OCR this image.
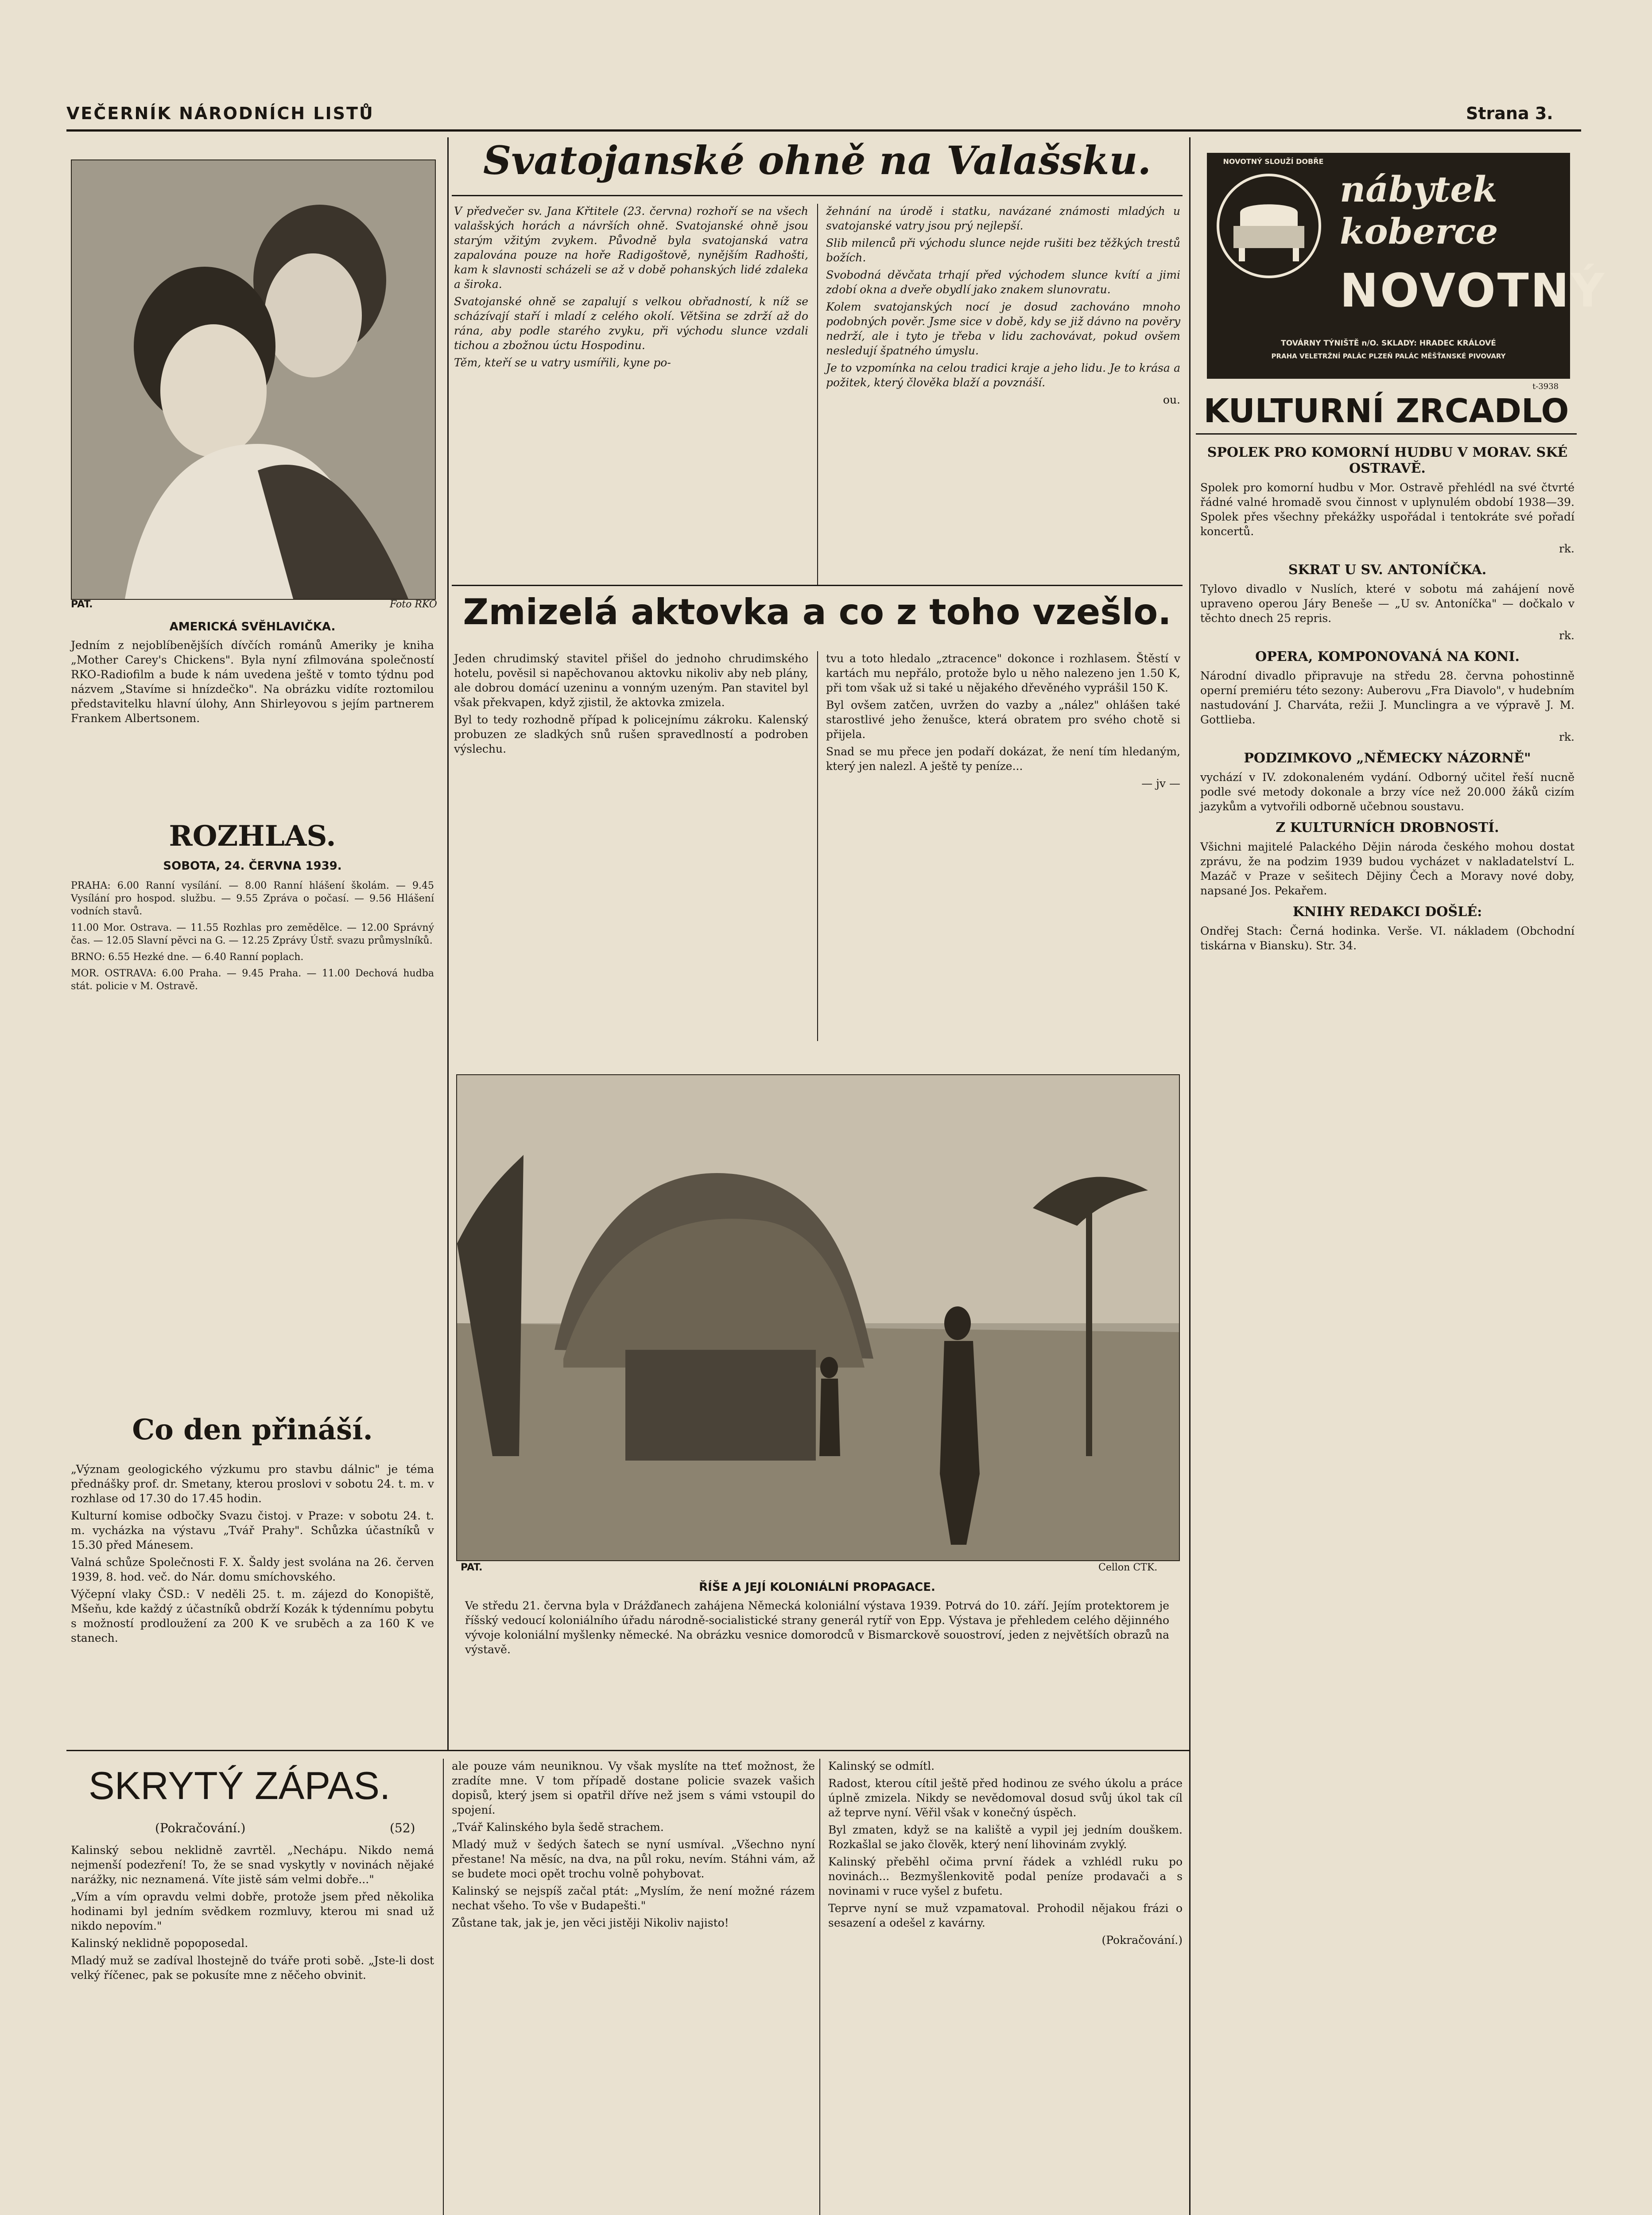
VEČERNÍK NÁRODNÍCH LISTŮ	Strana 3.
PAT.	Foto RKO
AMERICKÁ SVĚHLAVIČKA.
Jedním z nejoblíbenějších dívčích románů Ameriky je kniha „Mother Carey's Chickens". Byla nyní zfilmována společností RKO-Radiofilm a bude k nám uvedena ještě v tomto týdnu pod názvem „Stavíme si hnízdečko". Na obrázku vidíte roztomilou představitelku hlavní úlohy, Ann Shirleyovou s jejím partnerem Frankem Albertsonem.
ROZHLAS.
SOBOTA, 24. ČERVNA 1939.

PRAHA: 6.00 Ranní vysílání. — 8.00 Ranní hlášení školám. — 9.45 Vysílání pro hospod. službu. — 9.55 Zpráva o počasí. — 9.56 Hlášení vodních stavů.

11.00 Mor. Ostrava. — 11.55 Rozhlas pro zemědělce. — 12.00 Správný čas. — 12.05 Slavní pěvci na G. — 12.25 Zprávy Ústř. svazu průmyslníků.

BRNO: 6.55 Hezké dne. — 6.40 Ranní poplach.

MOR. OSTRAVA: 6.00 Praha. — 9.45 Praha. — 11.00 Dechová hudba stát. policie v M. Ostravě.

Co den přináší.

„Význam geologického výzkumu pro stavbu dálnic" je téma přednášky prof. dr. Smetany, kterou proslovi v sobotu 24. t. m. v rozhlase od 17.30 do 17.45 hodin.

Kulturní komise odbočky Svazu čistoj. v Praze: v sobotu 24. t. m. vycházka na výstavu „Tvář Prahy". Schůzka účastníků v 15.30 před Mánesem.

Valná schůze Společnosti F. X. Šaldy jest svolána na 26. červen 1939, 8. hod. več. do Nár. domu smíchovského.

Výčepní vlaky ČSD.: V neděli 25. t. m. zájezd do Konopiště, Mšeňu, kde každý z účastníků obdrží Kozák k týdennímu pobytu s možností prodloužení za 200 K ve sruběch a za 160 K ve stanech.

Svatojanské ohně na Valašsku.

V předvečer sv. Jana Křtitele (23. června) rozhoří se na všech valašských horách a návrších ohně. Svatojanské ohně jsou starým vžitým zvykem. Původně byla svatojanská vatra zapalována pouze na hoře Radigoštově, nynějším Radhošti, kam k slavnosti scházeli se až v době pohanských lidé zdaleka a široka.

Svatojanské ohně se zapalují s velkou obřadností, k níž se scházívají staří i mladí z celého okolí. Většina se zdrží až do rána, aby podle starého zvyku, při východu slunce vzdali tichou a zbožnou úctu Hospodinu.

Těm, kteří se u vatry usmířili, kyne po-

žehnání na úrodě i statku, navázané známosti mladých u svatojanské vatry jsou prý nejlepší.

Slib milenců při východu slunce nejde rušiti bez těžkých trestů božích.

Svobodná děvčata trhají před východem slunce kvítí a jimi zdobí okna a dveře obydlí jako znakem slunovratu.

Kolem svatojanských nocí je dosud zachováno mnoho podobných pověr. Jsme sice v době, kdy se již dávno na pověry nedrží, ale i tyto je třeba v lidu zachovávat, pokud ovšem nesledují špatného úmyslu.

Je to vzpomínka na celou tradici kraje a jeho lidu. Je to krása a požitek, který člověka blaží a povznáší.

ou.

Zmizelá aktovka a co z toho vzešlo.

Jeden chrudimský stavitel přišel do jednoho chrudimského hotelu, pověsil si napěchovanou aktovku nikoliv aby neb plány, ale dobrou domácí uzeninu a vonným uzeným. Pan stavitel byl však překvapen, když zjistil, že aktovka zmizela.

Byl to tedy rozhodně případ k policejnímu zákroku. Kalenský probuzen ze sladkých snů rušen spravedlností a podroben výslechu.

tvu a toto hledalo „ztracence" dokonce i rozhlasem. Štěstí v kartách mu nepřálo, protože bylo u něho nalezeno jen 1.50 K, při tom však už si také u nějakého dřevěného vyprášil 150 K.

Byl ovšem zatčen, uvržen do vazby a „nález" ohlášen také starostlivé jeho ženušce, která obratem pro svého chotě si přijela.

Snad se mu přece jen podaří dokázat, že není tím hledaným, který jen nalezl. A ještě ty peníze...

— jv —

PAT.	Cellon CTK.
ŘÍŠE A JEJÍ KOLONIÁLNÍ PROPAGACE.
Ve středu 21. června byla v Drážďanech zahájena Německá koloniální výstava 1939. Potrvá do 10. září. Jejím protektorem je říšský vedoucí koloniálního úřadu národně-socialistické strany generál rytíř von Epp. Výstava je přehledem celého dějinného vývoje koloniální myšlenky německé. Na obrázku vesnice domorodců v Bismarckově souostroví, jeden z největších obrazů na výstavě.
SKRYTÝ ZÁPAS.
(Pokračování.)	(52)

Kalinský sebou neklidně zavrtěl. „Nechápu. Nikdo nemá nejmenší podezření! To, že se snad vyskytly v novinách nějaké narážky, nic neznamená. Víte jistě sám velmi dobře..."

„Vím a vím opravdu velmi dobře, protože jsem před několika hodinami byl jedním svědkem rozmluvy, kterou mi snad už nikdo nepovím."

Kalinský neklidně popoposedal.

Mladý muž se zadíval lhostejně do tváře proti sobě. „Jste-li dost velký říčenec, pak se pokusíte mne z něčeho obvinit.

ale pouze vám neuniknou. Vy však myslíte na tteť možnost, že zradíte mne. V tom případě dostane policie svazek vašich dopisů, který jsem si opatřil dříve než jsem s vámi vstoupil do spojení.

„Tvář Kalinského byla šedě strachem.

Mladý muž v šedých šatech se nyní usmíval. „Všechno nyní přestane! Na měsíc, na dva, na půl roku, nevím. Stáhni vám, až se budete moci opět trochu volně pohybovat.

Kalinský se nejspíš začal ptát: „Myslím, že není možné rázem nechat všeho. To vše v Budapešti."

Zůstane tak, jak je, jen věci jistěji Nikoliv najisto!

Kalinský se odmítl.

Radost, kterou cítil ještě před hodinou ze svého úkolu a práce úplně zmizela. Nikdy se nevědomoval dosud svůj úkol tak cíl až teprve nyní. Věřil však v konečný úspěch.

Byl zmaten, když se na kaliště a vypil jej jedním douškem. Rozkašlal se jako člověk, který není lihovinám zvyklý.

Kalinský přeběhl očima první řádek a vzhlédl ruku po novinách... Bezmyšlenkovitě podal peníze prodavači a s novinami v ruce vyšel z bufetu.

Teprve nyní se muž vzpamatoval. Prohodil nějakou frázi o sesazení a odešel z kavárny.

(Pokračování.)

NOVOTNÝ SLOUŽÍ DOBŘE
nábytek
koberce
NOVOTNÝ
TOVÁRNY TÝNIŠTĚ n/O. SKLADY: HRADEC KRÁLOVÉ
PRAHA VELETRŽNÍ PALÁC PLZEŇ PALÁC MĚŠŤANSKÉ PIVOVARY
t-3938
KULTURNÍ ZRCADLO

SPOLEK PRO KOMORNÍ HUDBU V MORAV. SKÉ OSTRAVĚ.

Spolek pro komorní hudbu v Mor. Ostravě přehlédl na své čtvrté řádné valné hromadě svou činnost v uplynulém období 1938—39. Spolek přes všechny překážky uspořádal i tentokráte své pořadí koncertů.

rk.

SKRAT U SV. ANTONÍČKA.

Tylovo divadlo v Nuslích, které v sobotu má zahájení nově upraveno operou Járy Beneše — „U sv. Antoníčka" — dočkalo v těchto dnech 25 repris.

rk.

OPERA, KOMPONOVANÁ NA KONI.

Národní divadlo připravuje na středu 28. června pohostinně operní premiéru této sezony: Auberovu „Fra Diavolo", v hudebním nastudování J. Charváta, režii J. Munclingra a ve výpravě J. M. Gottlieba.

rk.

PODZIMKOVO „NĚMECKY NÁZORNĚ"

vychází v IV. zdokonaleném vydání. Odborný učitel řeší nucně podle své metody dokonale a brzy více než 20.000 žáků cizím jazykům a vytvořili odborně učebnou soustavu.

Z KULTURNÍCH DROBNOSTÍ.

Všichni majitelé Palackého Dějin národa českého mohou dostat zprávu, že na podzim 1939 budou vycházet v nakladatelství L. Mazáč v Praze v sešitech Dějiny Čech a Moravy nové doby, napsané Jos. Pekařem.

KNIHY REDAKCI DOŠLÉ:

Ondřej Stach: Černá hodinka. Verše. VI. nákladem (Obchodní tiskárna v Biansku). Str. 34.
